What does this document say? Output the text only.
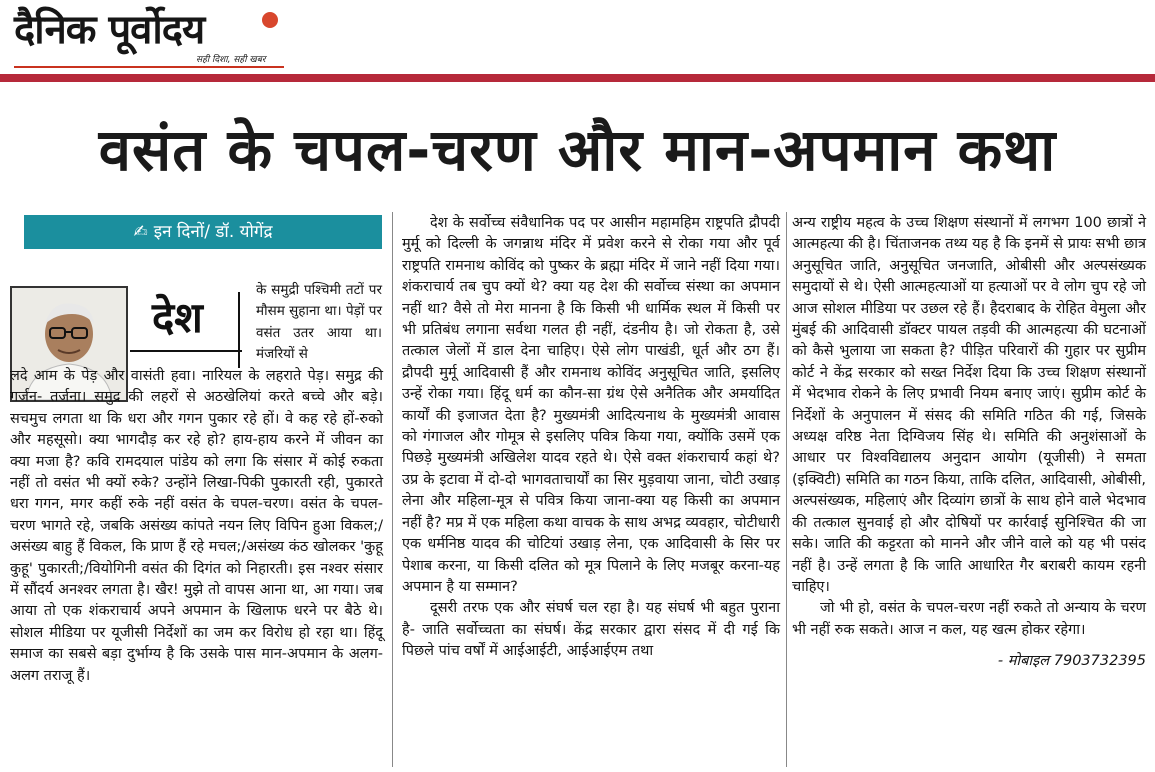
दैनिक पूर्वोदय
सही दिशा, सही खबर
वसंत के चपल-चरण और मान-अपमान कथा
✍ इन दिनों/ डॉ. योगेंद्र
देश

के समुद्री पश्चिमी तटों पर मौसम सुहाना था। पेड़ों पर वसंत उतर आया था। मंजरियों से

लदे आम के पेड़ और वासंती हवा। नारियल के लहराते पेड़। समुद्र की गर्जन- तर्जना। समुद्र की लहरों से अठखेलियां करते बच्चे और बड़े। सचमुच लगता था कि धरा और गगन पुकार रहे हों। वे कह रहे हों-रुको और महसूसो। क्या भागदौड़ कर रहे हो? हाय-हाय करने में जीवन का क्या मजा है? कवि रामदयाल पांडेय को लगा कि संसार में कोई रुकता नहीं तो वसंत भी क्यों रुके? उन्होंने लिखा-पिकी पुकारती रही, पुकारते धरा गगन, मगर कहीं रुके नहीं वसंत के चपल-चरण। वसंत के चपल-चरण भागते रहे, जबकि असंख्य कांपते नयन लिए विपिन हुआ विकल;/असंख्य बाहु हैं विकल, कि प्राण हैं रहे मचल;/असंख्य कंठ खोलकर 'कुहू कुहू' पुकारती;/वियोगिनी वसंत की दिगंत को निहारती। इस नश्वर संसार में सौंदर्य अनश्वर लगता है। खैर! मुझे तो वापस आना था, आ गया। जब आया तो एक शंकराचार्य अपने अपमान के खिलाफ धरने पर बैठे थे। सोशल मीडिया पर यूजीसी निर्देशों का जम कर विरोध हो रहा था। हिंदू समाज का सबसे बड़ा दुर्भाग्य है कि उसके पास मान-अपमान के अलग-अलग तराजू हैं।

देश के सर्वोच्च संवैधानिक पद पर आसीन महामहिम राष्ट्रपति द्रौपदी मुर्मू को दिल्ली के जगन्नाथ मंदिर में प्रवेश करने से रोका गया और पूर्व राष्ट्रपति रामनाथ कोविंद को पुष्कर के ब्रह्मा मंदिर में जाने नहीं दिया गया। शंकराचार्य तब चुप क्यों थे? क्या यह देश की सर्वोच्च संस्था का अपमान नहीं था? वैसे तो मेरा मानना है कि किसी भी धार्मिक स्थल में किसी पर भी प्रतिबंध लगाना सर्वथा गलत ही नहीं, दंडनीय है। जो रोकता है, उसे तत्काल जेलों में डाल देना चाहिए। ऐसे लोग पाखंडी, धूर्त और ठग हैं। द्रौपदी मुर्मू आदिवासी हैं और रामनाथ कोविंद अनुसूचित जाति, इसलिए उन्हें रोका गया। हिंदू धर्म का कौन-सा ग्रंथ ऐसे अनैतिक और अमर्यादित कार्यों की इजाजत देता है? मुख्यमंत्री आदित्यनाथ के मुख्यमंत्री आवास को गंगाजल और गोमूत्र से इसलिए पवित्र किया गया, क्योंकि उसमें एक पिछड़े मुख्यमंत्री अखिलेश यादव रहते थे। ऐसे वक्त शंकराचार्य कहां थे? उप्र के इटावा में दो-दो भागवताचार्यों का सिर मुड़वाया जाना, चोटी उखाड़ लेना और महिला-मूत्र से पवित्र किया जाना-क्या यह किसी का अपमान नहीं है? मप्र में एक महिला कथा वाचक के साथ अभद्र व्यवहार, चोटीधारी एक धर्मनिष्ठ यादव की चोटियां उखाड़ लेना, एक आदिवासी के सिर पर पेशाब करना, या किसी दलित को मूत्र पिलाने के लिए मजबूर करना-यह अपमान है या सम्मान?

दूसरी तरफ एक और संघर्ष चल रहा है। यह संघर्ष भी बहुत पुराना है- जाति सर्वोच्चता का संघर्ष। केंद्र सरकार द्वारा संसद में दी गई कि पिछले पांच वर्षों में आईआईटी, आईआईएम तथा

अन्य राष्ट्रीय महत्व के उच्च शिक्षण संस्थानों में लगभग 100 छात्रों ने आत्महत्या की है। चिंताजनक तथ्य यह है कि इनमें से प्रायः सभी छात्र अनुसूचित जाति, अनुसूचित जनजाति, ओबीसी और अल्पसंख्यक समुदायों से थे। ऐसी आत्महत्याओं या हत्याओं पर वे लोग चुप रहे जो आज सोशल मीडिया पर उछल रहे हैं। हैदराबाद के रोहित वेमुला और मुंबई की आदिवासी डॉक्टर पायल तड़वी की आत्महत्या की घटनाओं को कैसे भुलाया जा सकता है? पीड़ित परिवारों की गुहार पर सुप्रीम कोर्ट ने केंद्र सरकार को सख्त निर्देश दिया कि उच्च शिक्षण संस्थानों में भेदभाव रोकने के लिए प्रभावी नियम बनाए जाएं। सुप्रीम कोर्ट के निर्देशों के अनुपालन में संसद की समिति गठित की गई, जिसके अध्यक्ष वरिष्ठ नेता दिग्विजय सिंह थे। समिति की अनुशंसाओं के आधार पर विश्वविद्यालय अनुदान आयोग (यूजीसी) ने समता (इक्विटी) समिति का गठन किया, ताकि दलित, आदिवासी, ओबीसी, अल्पसंख्यक, महिलाएं और दिव्यांग छात्रों के साथ होने वाले भेदभाव की तत्काल सुनवाई हो और दोषियों पर कार्रवाई सुनिश्चित की जा सके। जाति की कट्टरता को मानने और जीने वाले को यह भी पसंद नहीं है। उन्हें लगता है कि जाति आधारित गैर बराबरी कायम रहनी चाहिए।

जो भी हो, वसंत के चपल-चरण नहीं रुकते तो अन्याय के चरण भी नहीं रुक सकते। आज न कल, यह खत्म होकर रहेगा।

- मोबाइल 7903732395
